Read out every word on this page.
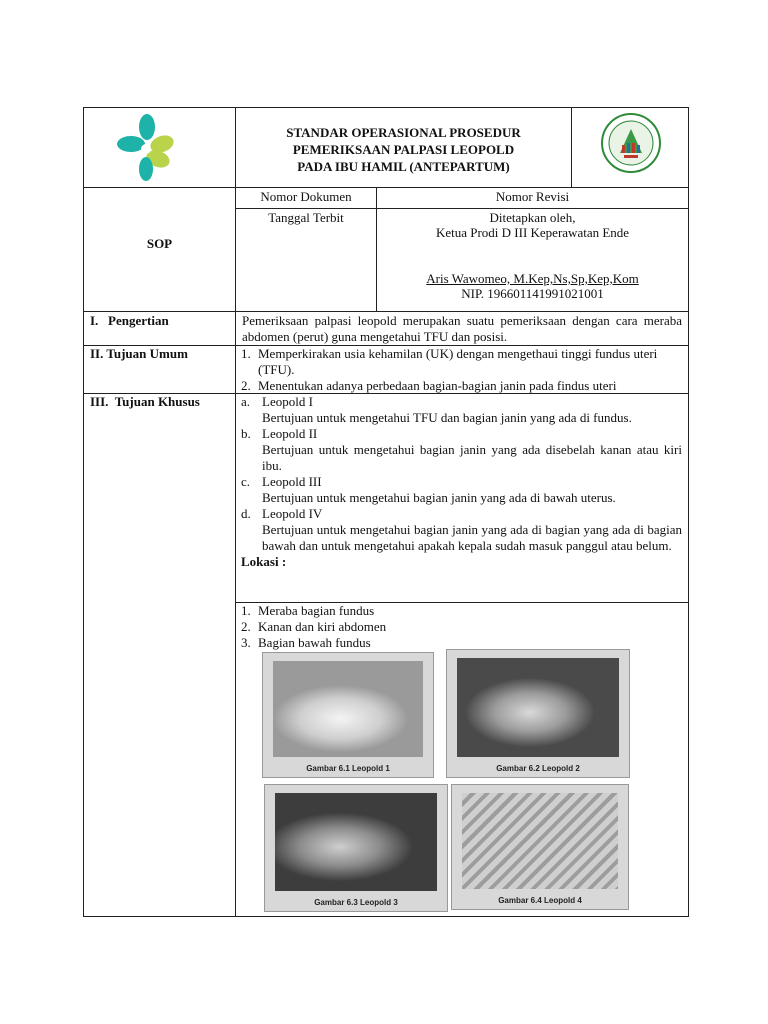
STANDAR OPERASIONAL PROSEDUR
PEMERIKSAAN PALPASI LEOPOLD
PADA IBU HAMIL (ANTEPARTUM)
SOP
Nomor Dokumen	Nomor Revisi
Tanggal Terbit	Ditetapkan oleh,
Ketua Prodi D III Keperawatan Ende
Aris Wawomeo, M.Kep,Ns,Sp,Kep,Kom
NIP. 196601141991021001
I.   Pengertian	Pemeriksaan palpasi leopold merupakan suatu pemeriksaan dengan cara meraba abdomen (perut) guna mengetahui TFU dan posisi.
II. Tujuan Umum	1. Memperkirakan usia kehamilan (UK) dengan mengethaui tinggi fundus uteri (TFU).
2. Menentukan adanya perbedaan bagian-bagian janin pada findus uteri
III.  Tujuan Khusus	a. Leopold I
Bertujuan untuk mengetahui TFU dan bagian janin yang ada di fundus.
b. Leopold II
Bertujuan untuk mengetahui bagian janin yang ada disebelah kanan atau kiri ibu.
c. Leopold III
Bertujuan untuk mengetahui bagian janin yang ada di bawah uterus.
d. Leopold IV
Bertujuan untuk mengetahui bagian janin yang ada di bagian yang ada di bagian bawah dan untuk mengetahui apakah kepala sudah masuk panggul atau belum.
Lokasi :
1. Meraba bagian fundus
2. Kanan dan kiri abdomen
3. Bagian bawah fundus
Gambar 6.1 Leopold 1	Gambar 6.2 Leopold 2
Gambar 6.3 Leopold 3	Gambar 6.4 Leopold 4
